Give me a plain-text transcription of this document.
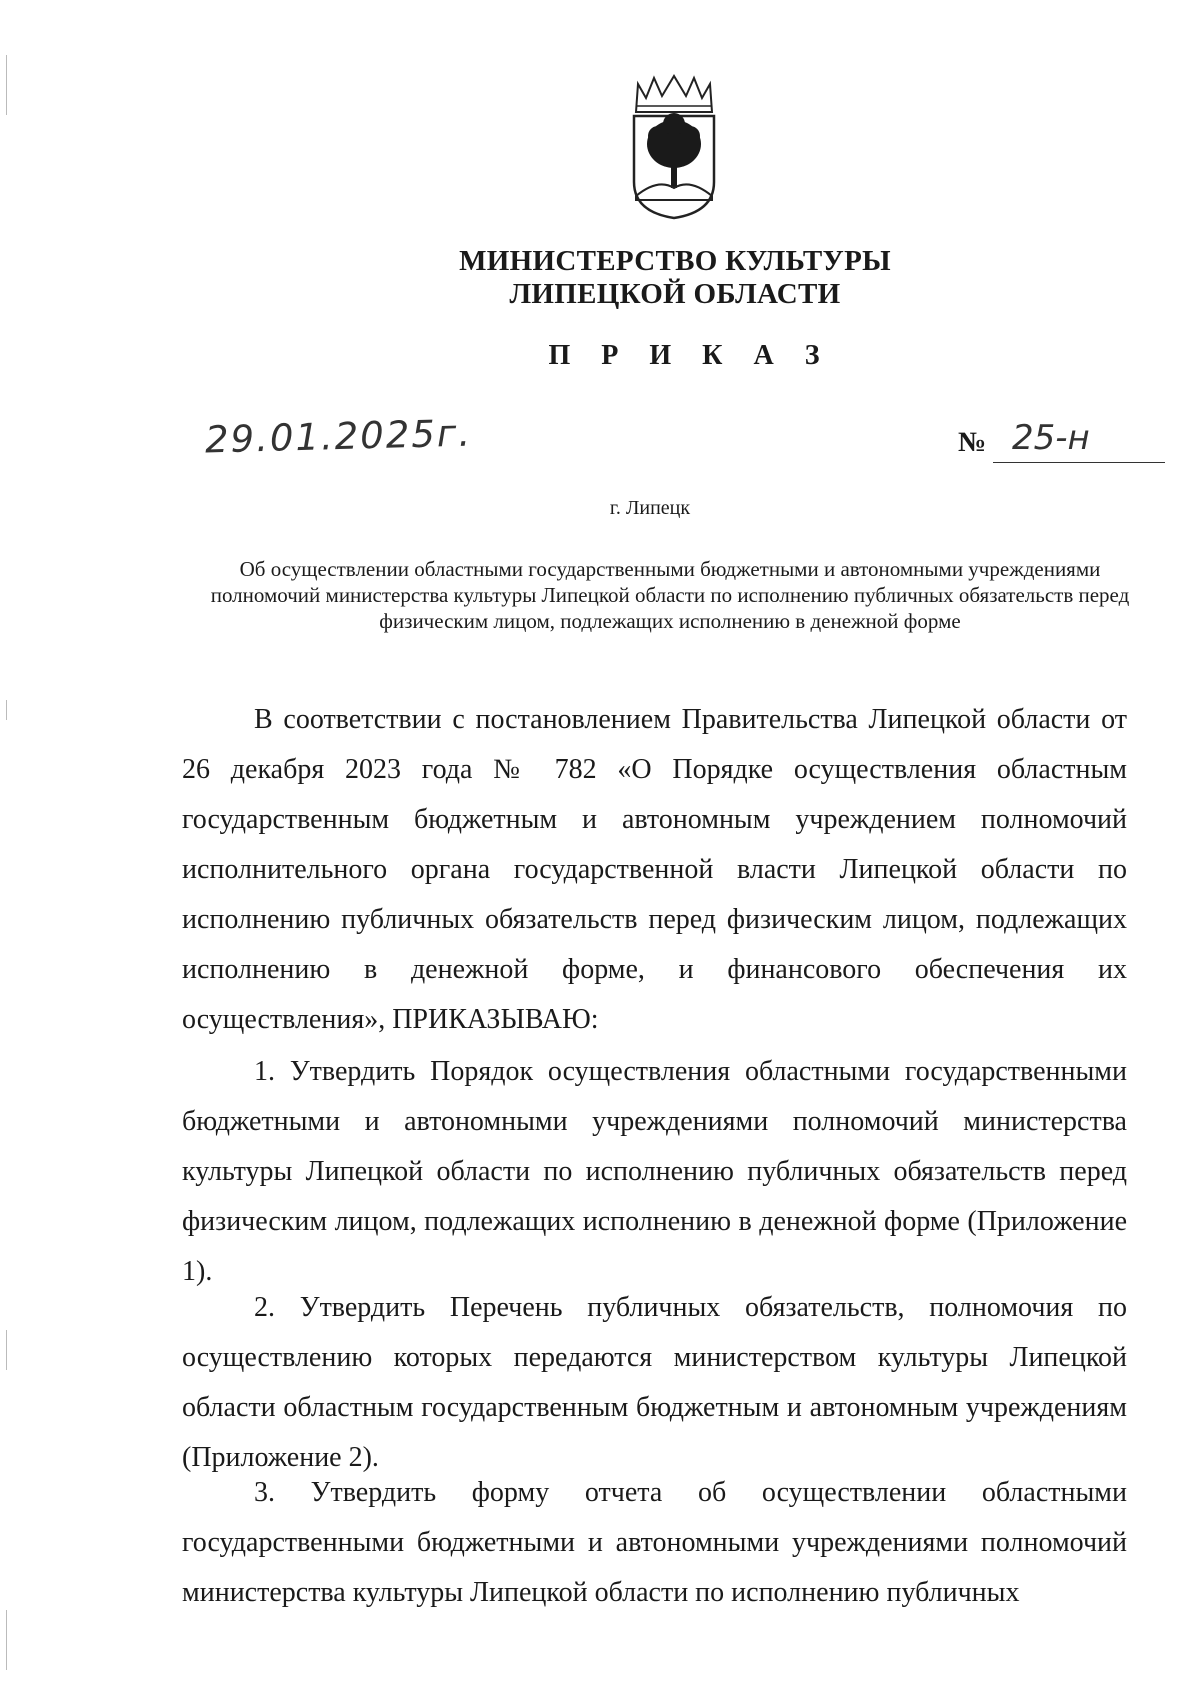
МИНИСТЕРСТВО КУЛЬТУРЫ
ЛИПЕЦКОЙ ОБЛАСТИ
П Р И К А З
29.01.2025г.	№ 25-н
г. Липецк
Об осуществлении областными государственными бюджетными и автономными учреждениями полномочий министерства культуры Липецкой области по исполнению публичных обязательств перед физическим лицом, подлежащих исполнению в денежной форме
В соответствии с постановлением Правительства Липецкой области от 26 декабря 2023 года № 782 «О Порядке осуществления областным государственным бюджетным и автономным учреждением полномочий исполнительного органа государственной власти Липецкой области по исполнению публичных обязательств перед физическим лицом, подлежащих исполнению в денежной форме, и финансового обеспечения их осуществления», ПРИКАЗЫВАЮ:
1. Утвердить Порядок осуществления областными государственными бюджетными и автономными учреждениями полномочий министерства культуры Липецкой области по исполнению публичных обязательств перед физическим лицом, подлежащих исполнению в денежной форме (Приложение 1).
2. Утвердить Перечень публичных обязательств, полномочия по осуществлению которых передаются министерством культуры Липецкой области областным государственным бюджетным и автономным учреждениям (Приложение 2).
3. Утвердить форму отчета об осуществлении областными государственными бюджетными и автономными учреждениями полномочий министерства культуры Липецкой области по исполнению публичных
